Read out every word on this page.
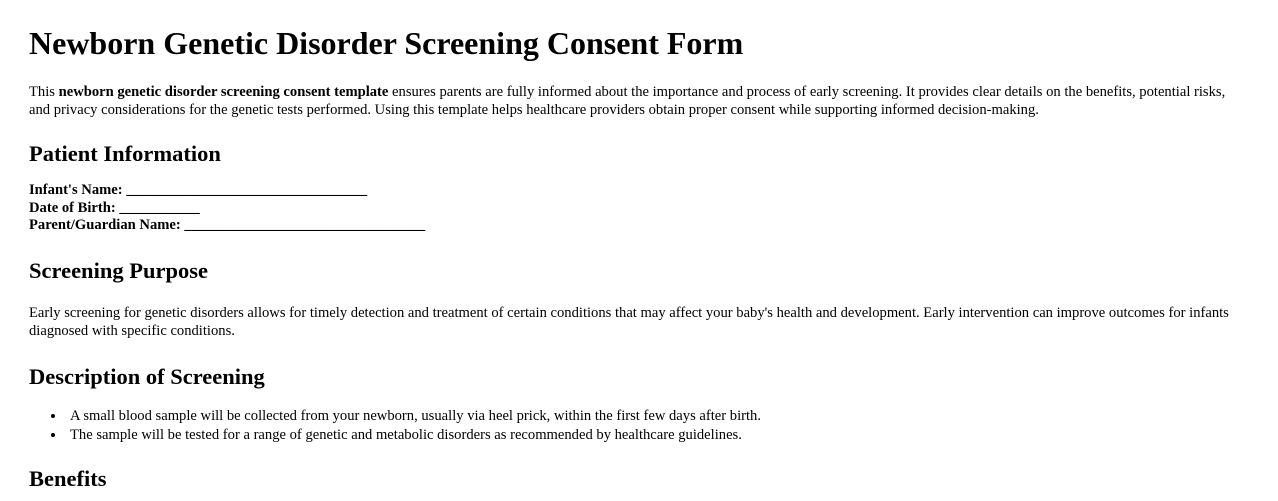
Newborn Genetic Disorder Screening Consent Form

This newborn genetic disorder screening consent template ensures parents are fully informed about the importance and process of early screening. It provides clear details on the benefits, potential risks, and privacy considerations for the genetic tests performed. Using this template helps healthcare providers obtain proper consent while supporting informed decision-making.

Patient Information
Infant's Name: _________________________________
Date of Birth: ___________
Parent/Guardian Name: _________________________________
Screening Purpose

Early screening for genetic disorders allows for timely detection and treatment of certain conditions that may affect your baby's health and development. Early intervention can improve outcomes for infants diagnosed with specific conditions.

Description of Screening
• A small blood sample will be collected from your newborn, usually via heel prick, within the first few days after birth.
• The sample will be tested for a range of genetic and metabolic disorders as recommended by healthcare guidelines.
Benefits
